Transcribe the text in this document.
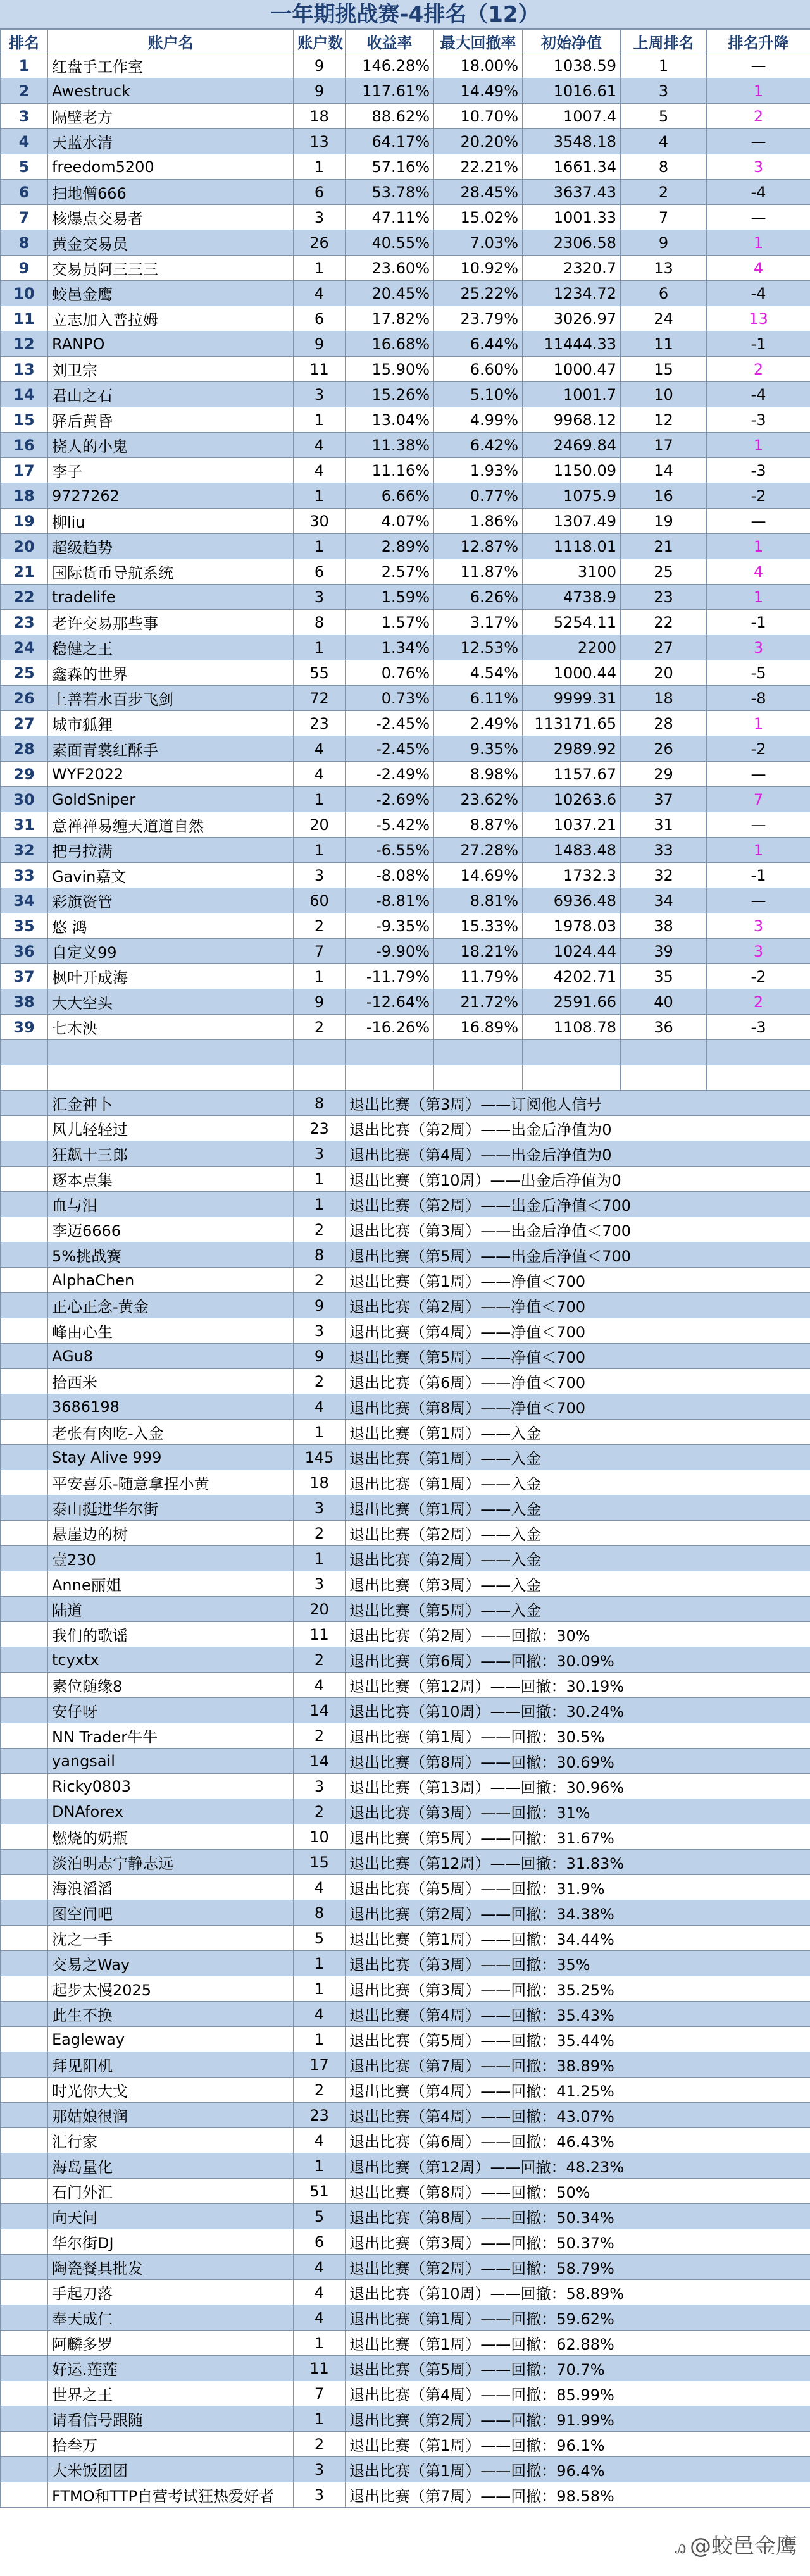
一年期挑战赛-4排名（12）
排名	账户名	账户数	收益率	最大回撤率	初始净值	上周排名	排名升降
1	红盘手工作室	9	146.28%	18.00%	1038.59	1	—
2	Awestruck	9	117.61%	14.49%	1016.61	3	1
3	隔壁老方	18	88.62%	10.70%	1007.4	5	2
4	天蓝水清	13	64.17%	20.20%	3548.18	4	—
5	freedom5200	1	57.16%	22.21%	1661.34	8	3
6	扫地僧666	6	53.78%	28.45%	3637.43	2	-4
7	核爆点交易者	3	47.11%	15.02%	1001.33	7	—
8	黄金交易员	26	40.55%	7.03%	2306.58	9	1
9	交易员阿三三三	1	23.60%	10.92%	2320.7	13	4
10	蛟邑金鹰	4	20.45%	25.22%	1234.72	6	-4
11	立志加入普拉姆	6	17.82%	23.79%	3026.97	24	13
12	RANPO	9	16.68%	6.44%	11444.33	11	-1
13	刘卫宗	11	15.90%	6.60%	1000.47	15	2
14	君山之石	3	15.26%	5.10%	1001.7	10	-4
15	驿后黄昏	1	13.04%	4.99%	9968.12	12	-3
16	挠人的小鬼	4	11.38%	6.42%	2469.84	17	1
17	李子	4	11.16%	1.93%	1150.09	14	-3
18	9727262	1	6.66%	0.77%	1075.9	16	-2
19	柳liu	30	4.07%	1.86%	1307.49	19	—
20	超级趋势	1	2.89%	12.87%	1118.01	21	1
21	国际货币导航系统	6	2.57%	11.87%	3100	25	4
22	tradelife	3	1.59%	6.26%	4738.9	23	1
23	老许交易那些事	8	1.57%	3.17%	5254.11	22	-1
24	稳健之王	1	1.34%	12.53%	2200	27	3
25	鑫森的世界	55	0.76%	4.54%	1000.44	20	-5
26	上善若水百步飞剑	72	0.73%	6.11%	9999.31	18	-8
27	城市狐狸	23	-2.45%	2.49%	113171.65	28	1
28	素面青裳红酥手	4	-2.45%	9.35%	2989.92	26	-2
29	WYF2022	4	-2.49%	8.98%	1157.67	29	—
30	GoldSniper	1	-2.69%	23.62%	10263.6	37	7
31	意禅禅易缠天道道自然	20	-5.42%	8.87%	1037.21	31	—
32	把弓拉满	1	-6.55%	27.28%	1483.48	33	1
33	Gavin嘉文	3	-8.08%	14.69%	1732.3	32	-1
34	彩旗资管	60	-8.81%	8.81%	6936.48	34	—
35	悠 鸿	2	-9.35%	15.33%	1978.03	38	3
36	自定义99	7	-9.90%	18.21%	1024.44	39	3
37	枫叶开成海	1	-11.79%	11.79%	4202.71	35	-2
38	大大空头	9	-12.64%	21.72%	2591.66	40	2
39	七木泱	2	-16.26%	16.89%	1108.78	36	-3

	汇金神卜	8	退出比赛（第3周）——订阅他人信号				
	风儿轻轻过	23	退出比赛（第2周）——出金后净值为0				
	狂飙十三郎	3	退出比赛（第4周）——出金后净值为0				
	逐本点集	1	退出比赛（第10周）——出金后净值为0				
	血与泪	1	退出比赛（第2周）——出金后净值＜700				
	李迈6666	2	退出比赛（第3周）——出金后净值＜700				
	5%挑战赛	8	退出比赛（第5周）——出金后净值＜700				
	AlphaChen	2	退出比赛（第1周）——净值＜700				
	正心正念-黄金	9	退出比赛（第2周）——净值＜700				
	峰由心生	3	退出比赛（第4周）——净值＜700				
	AGu8	9	退出比赛（第5周）——净值＜700				
	拾西米	2	退出比赛（第6周）——净值＜700				
	3686198	4	退出比赛（第8周）——净值＜700				
	老张有肉吃-入金	1	退出比赛（第1周）——入金				
	Stay Alive 999	145	退出比赛（第1周）——入金				
	平安喜乐-随意拿捏小黄	18	退出比赛（第1周）——入金				
	泰山挺进华尔街	3	退出比赛（第1周）——入金				
	悬崖边的树	2	退出比赛（第2周）——入金				
	壹230	1	退出比赛（第2周）——入金				
	Anne丽姐	3	退出比赛（第3周）——入金				
	陆道	20	退出比赛（第5周）——入金				
	我们的歌谣	11	退出比赛（第2周）——回撤：30%				
	tcyxtx	2	退出比赛（第6周）——回撤：30.09%				
	素位随缘8	4	退出比赛（第12周）——回撤：30.19%				
	安仔呀	14	退出比赛（第10周）——回撤：30.24%				
	NN Trader牛牛	2	退出比赛（第1周）——回撤：30.5%				
	yangsail	14	退出比赛（第8周）——回撤：30.69%				
	Ricky0803	3	退出比赛（第13周）——回撤：30.96%				
	DNAforex	2	退出比赛（第3周）——回撤：31%				
	燃烧的奶瓶	10	退出比赛（第5周）——回撤：31.67%				
	淡泊明志宁静志远	15	退出比赛（第12周）——回撤：31.83%				
	海浪滔滔	4	退出比赛（第5周）——回撤：31.9%				
	图空间吧	8	退出比赛（第2周）——回撤：34.38%				
	沈之一手	5	退出比赛（第1周）——回撤：34.44%				
	交易之Way	1	退出比赛（第3周）——回撤：35%				
	起步太慢2025	1	退出比赛（第3周）——回撤：35.25%				
	此生不换	4	退出比赛（第4周）——回撤：35.43%				
	Eagleway	1	退出比赛（第5周）——回撤：35.44%				
	拜见阳机	17	退出比赛（第7周）——回撤：38.89%				
	时光你大戈	2	退出比赛（第4周）——回撤：41.25%				
	那姑娘很润	23	退出比赛（第4周）——回撤：43.07%				
	汇行家	4	退出比赛（第6周）——回撤：46.43%				
	海岛量化	1	退出比赛（第12周）——回撤：48.23%				
	石门外汇	51	退出比赛（第8周）——回撤：50%				
	向天问	5	退出比赛（第8周）——回撤：50.34%				
	华尔街DJ	6	退出比赛（第3周）——回撤：50.37%				
	陶瓷餐具批发	4	退出比赛（第2周）——回撤：58.79%				
	手起刀落	4	退出比赛（第10周）——回撤：58.89%				
	奉天成仁	4	退出比赛（第1周）——回撤：59.62%				
	阿麟多罗	1	退出比赛（第1周）——回撤：62.88%				
	好运.莲莲	11	退出比赛（第5周）——回撤：70.7%				
	世界之王	7	退出比赛（第4周）——回撤：85.99%				
	请看信号跟随	1	退出比赛（第2周）——回撤：91.99%				
	拾叁万	2	退出比赛（第1周）——回撤：96.1%				
	大米饭团团	3	退出比赛（第1周）——回撤：96.4%				
	FTMO和TTP自营考试狂热爱好者	3	退出比赛（第7周）——回撤：98.58%				
ꭿ @蛟邑金鹰
